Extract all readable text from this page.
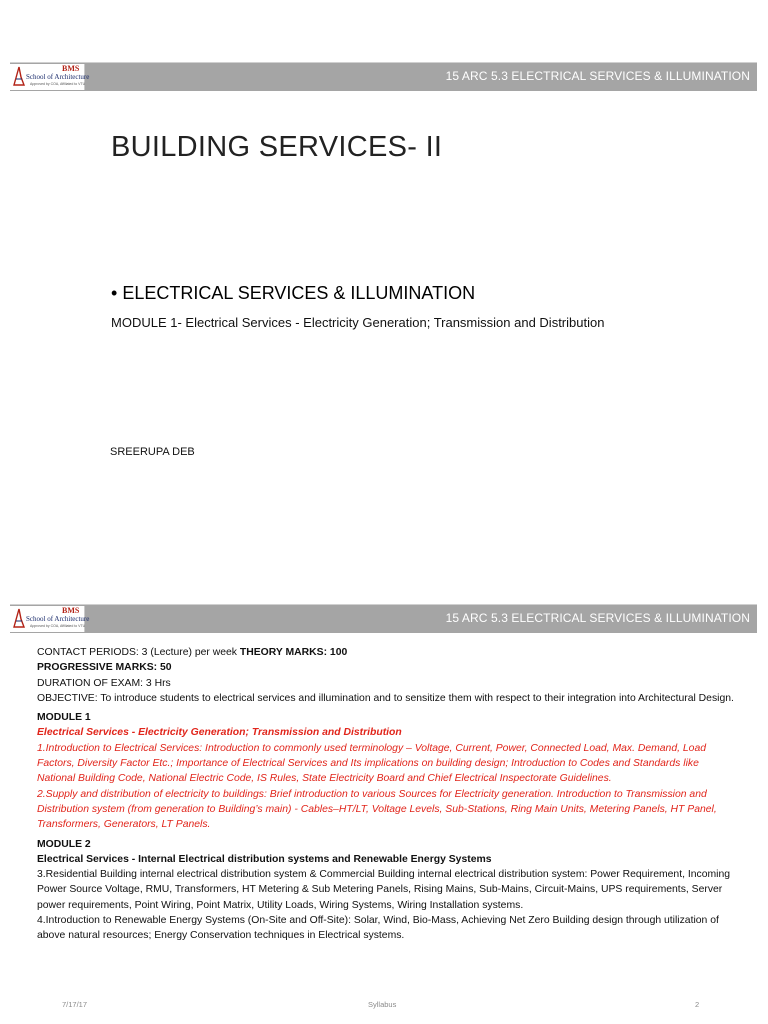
BMS
School of Architecture
Approved by COA, Affiliated to VTU
15 ARC 5.3 ELECTRICAL SERVICES & ILLUMINATION
BUILDING SERVICES- II
• ELECTRICAL SERVICES & ILLUMINATION
MODULE 1- Electrical Services - Electricity Generation; Transmission and Distribution
SREERUPA DEB
BMS
School of Architecture
Approved by COA, Affiliated to VTU
15 ARC 5.3 ELECTRICAL SERVICES & ILLUMINATION

CONTACT PERIODS: 3 (Lecture) per week THEORY MARKS: 100

PROGRESSIVE MARKS: 50

DURATION OF EXAM: 3 Hrs

OBJECTIVE: To introduce students to electrical services and illumination and to sensitize them with respect to their integration into Architectural Design.

MODULE 1

Electrical Services - Electricity Generation; Transmission and Distribution

1.Introduction to Electrical Services: Introduction to commonly used terminology – Voltage, Current, Power, Connected Load, Max. Demand, Load Factors, Diversity Factor Etc.; Importance of Electrical Services and Its implications on building design; Introduction to Codes and Standards like National Building Code, National Electric Code, IS Rules, State Electricity Board and Chief Electrical Inspectorate Guidelines.

2.Supply and distribution of electricity to buildings: Brief introduction to various Sources for Electricity generation. Introduction to Transmission and Distribution system (from generation to Building’s main) - Cables–HT/LT, Voltage Levels, Sub-Stations, Ring Main Units, Metering Panels, HT Panel, Transformers, Generators, LT Panels.

MODULE 2

Electrical Services - Internal Electrical distribution systems and Renewable Energy Systems

3.Residential Building internal electrical distribution system & Commercial Building internal electrical distribution system: Power Requirement, Incoming Power Source Voltage, RMU, Transformers, HT Metering & Sub Metering Panels, Rising Mains, Sub-Mains, Circuit-Mains, UPS requirements, Server power requirements, Point Wiring, Point Matrix, Utility Loads, Wiring Systems, Wiring Installation systems.

4.Introduction to Renewable Energy Systems (On-Site and Off-Site): Solar, Wind, Bio-Mass, Achieving Net Zero Building design through utilization of above natural resources; Energy Conservation techniques in Electrical systems.

7/17/17	Syllabus	2
